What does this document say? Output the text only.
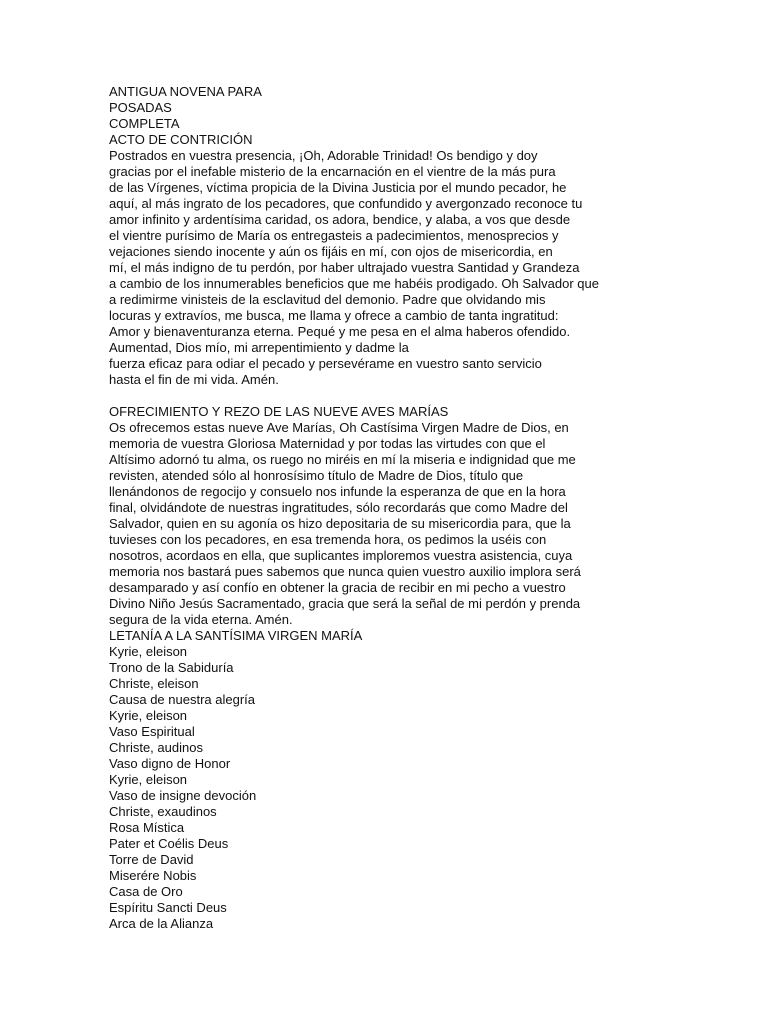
ANTIGUA NOVENA PARA
POSADAS
COMPLETA
ACTO DE CONTRICIÓN
Postrados en vuestra presencia, ¡Oh, Adorable Trinidad! Os bendigo y doy
gracias por el inefable misterio de la encarnación en el vientre de la más pura
de las Vírgenes, víctima propicia de la Divina Justicia por el mundo pecador, he
aquí, al más ingrato de los pecadores, que confundido y avergonzado reconoce tu
amor infinito y ardentísima caridad, os adora, bendice, y alaba, a vos que desde
el vientre purísimo de María os entregasteis a padecimientos, menosprecios y
vejaciones siendo inocente y aún os fijáis en mí, con ojos de misericordia, en
mí, el más indigno de tu perdón, por haber ultrajado vuestra Santidad y Grandeza
a cambio de los innumerables beneficios que me habéis prodigado. Oh Salvador que
a redimirme vinisteis de la esclavitud del demonio. Padre que olvidando mis
locuras y extravíos, me busca, me llama y ofrece a cambio de tanta ingratitud:
Amor y bienaventuranza eterna. Pequé y me pesa en el alma haberos ofendido.
Aumentad, Dios mío, mi arrepentimiento y dadme la
fuerza eficaz para odiar el pecado y persevérame en vuestro santo servicio
hasta el fin de mi vida. Amén.
OFRECIMIENTO Y REZO DE LAS NUEVE AVES MARÍAS
Os ofrecemos estas nueve Ave Marías, Oh Castísima Virgen Madre de Dios, en
memoria de vuestra Gloriosa Maternidad y por todas las virtudes con que el
Altísimo adornó tu alma, os ruego no miréis en mí la miseria e indignidad que me
revisten, atended sólo al honrosísimo título de Madre de Dios, título que
llenándonos de regocijo y consuelo nos infunde la esperanza de que en la hora
final, olvidándote de nuestras ingratitudes, sólo recordarás que como Madre del
Salvador, quien en su agonía os hizo depositaria de su misericordia para, que la
tuvieses con los pecadores, en esa tremenda hora, os pedimos la uséis con
nosotros, acordaos en ella, que suplicantes imploremos vuestra asistencia, cuya
memoria nos bastará pues sabemos que nunca quien vuestro auxilio implora será
desamparado y así confío en obtener la gracia de recibir en mi pecho a vuestro
Divino Niño Jesús Sacramentado, gracia que será la señal de mi perdón y prenda
segura de la vida eterna. Amén.
LETANÍA A LA SANTÍSIMA VIRGEN MARÍA
Kyrie, eleison
Trono de la Sabiduría
Christe, eleison
Causa de nuestra alegría
Kyrie, eleison
Vaso Espiritual
Christe, audinos
Vaso digno de Honor
Kyrie, eleison
Vaso de insigne devoción
Christe, exaudinos
Rosa Mística
Pater et Coélis Deus
Torre de David
Miserére Nobis
Casa de Oro
Espíritu Sancti Deus
Arca de la Alianza
